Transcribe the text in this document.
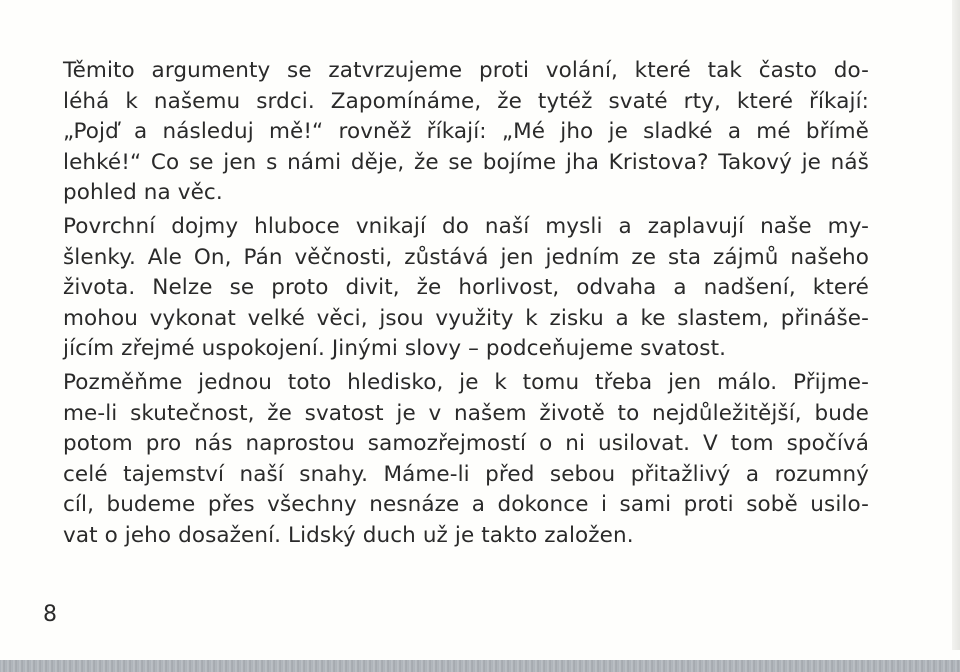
Těmito argumenty se zatvrzujeme proti volání, které tak často do-
léhá k našemu srdci. Zapomínáme, že tytéž svaté rty, které říkají:
„Pojď a následuj mě!“ rovněž říkají: „Mé jho je sladké a mé břímě
lehké!“ Co se jen s námi děje, že se bojíme jha Kristova? Takový je náš
pohled na věc.

Povrchní dojmy hluboce vnikají do naší mysli a zaplavují naše my-
šlenky. Ale On, Pán věčnosti, zůstává jen jedním ze sta zájmů našeho
života. Nelze se proto divit, že horlivost, odvaha a nadšení, které
mohou vykonat velké věci, jsou využity k zisku a ke slastem, přináše-
jícím zřejmé uspokojení. Jinými slovy – podceňujeme svatost.

Pozměňme jednou toto hledisko, je k tomu třeba jen málo. Přijme-
me-li skutečnost, že svatost je v našem životě to nejdůležitější, bude
potom pro nás naprostou samozřejmostí o ni usilovat. V tom spočívá
celé tajemství naší snahy. Máme-li před sebou přitažlivý a rozumný
cíl, budeme přes všechny nesnáze a dokonce i sami proti sobě usilo-
vat o jeho dosažení. Lidský duch už je takto založen.

8
